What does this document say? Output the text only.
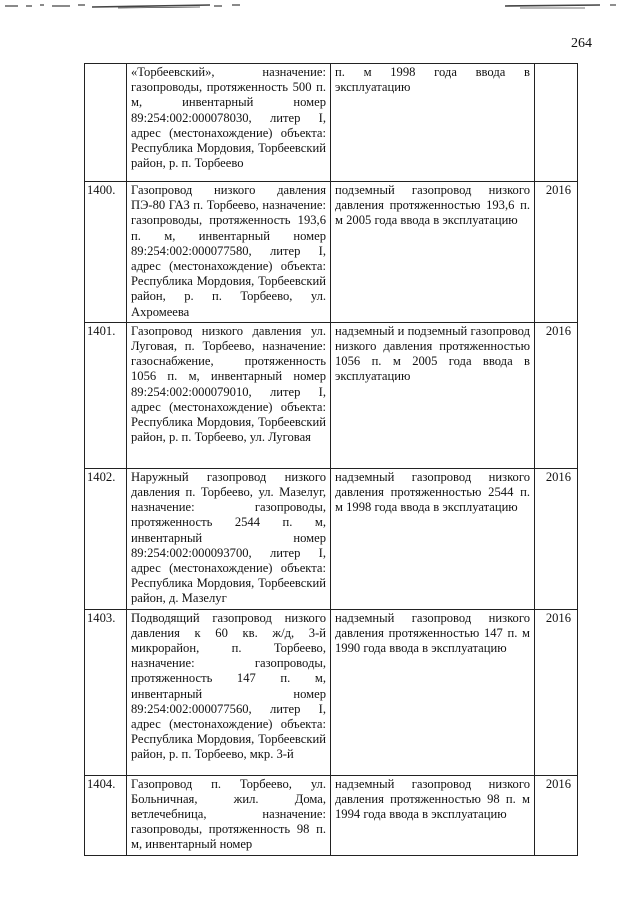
264

	«Торбеевский», назначение: газопроводы, протяженность 500 п. м, инвентарный номер 89:254:002:000078030, литер I, адрес (местонахождение) объекта: Республика Мордовия, Торбеевский район, р. п. Торбеево	п. м 1998 года ввода в эксплуатацию	

1400.	Газопровод низкого давления ПЭ-80 ГАЗ п. Торбеево, назначение: газопроводы, протяженность 193,6 п. м, инвентарный номер 89:254:002:000077580, литер I, адрес (местонахождение) объекта: Республика Мордовия, Торбеевский район, р. п. Торбеево, ул. Ахромеева	подземный газопровод низкого давления протяженностью 193,6 п. м 2005 года ввода в эксплуатацию	2016
1401.	Газопровод низкого давления ул. Луговая, п. Торбеево, назначение: газоснабжение, протяженность 1056 п. м, инвентарный номер 89:254:002:000079010, литер I, адрес (местонахождение) объекта: Республика Мордовия, Торбеевский район, р. п. Торбеево, ул. Луговая	надземный и подземный газопровод низкого давления протяженностью 1056 п. м 2005 года ввода в эксплуатацию	2016
1402.	Наружный газопровод низкого давления п. Торбеево, ул. Мазелуг, назначение: газопроводы, протяженность 2544 п. м, инвентарный номер 89:254:002:000093700, литер I, адрес (местонахождение) объекта: Республика Мордовия, Торбеевский район, д. Мазелуг	надземный газопровод низкого давления протяженностью 2544 п. м 1998 года ввода в эксплуатацию	2016
1403.	Подводящий газопровод низкого давления к 60 кв. ж/д, 3-й микрорайон, п. Торбеево, назначение: газопроводы, протяженность 147 п. м, инвентарный номер 89:254:002:000077560, литер I, адрес (местонахождение) объекта: Республика Мордовия, Торбеевский район, р. п. Торбеево, мкр. 3-й	надземный газопровод низкого давления протяженностью 147 п. м 1990 года ввода в эксплуатацию	2016
1404.	Газопровод п. Торбеево, ул. Больничная, жил. Дома, ветлечебница, назначение: газопроводы, протяженность 98 п. м, инвентарный номер	надземный газопровод низкого давления протяженностью 98 п. м 1994 года ввода в эксплуатацию	2016
